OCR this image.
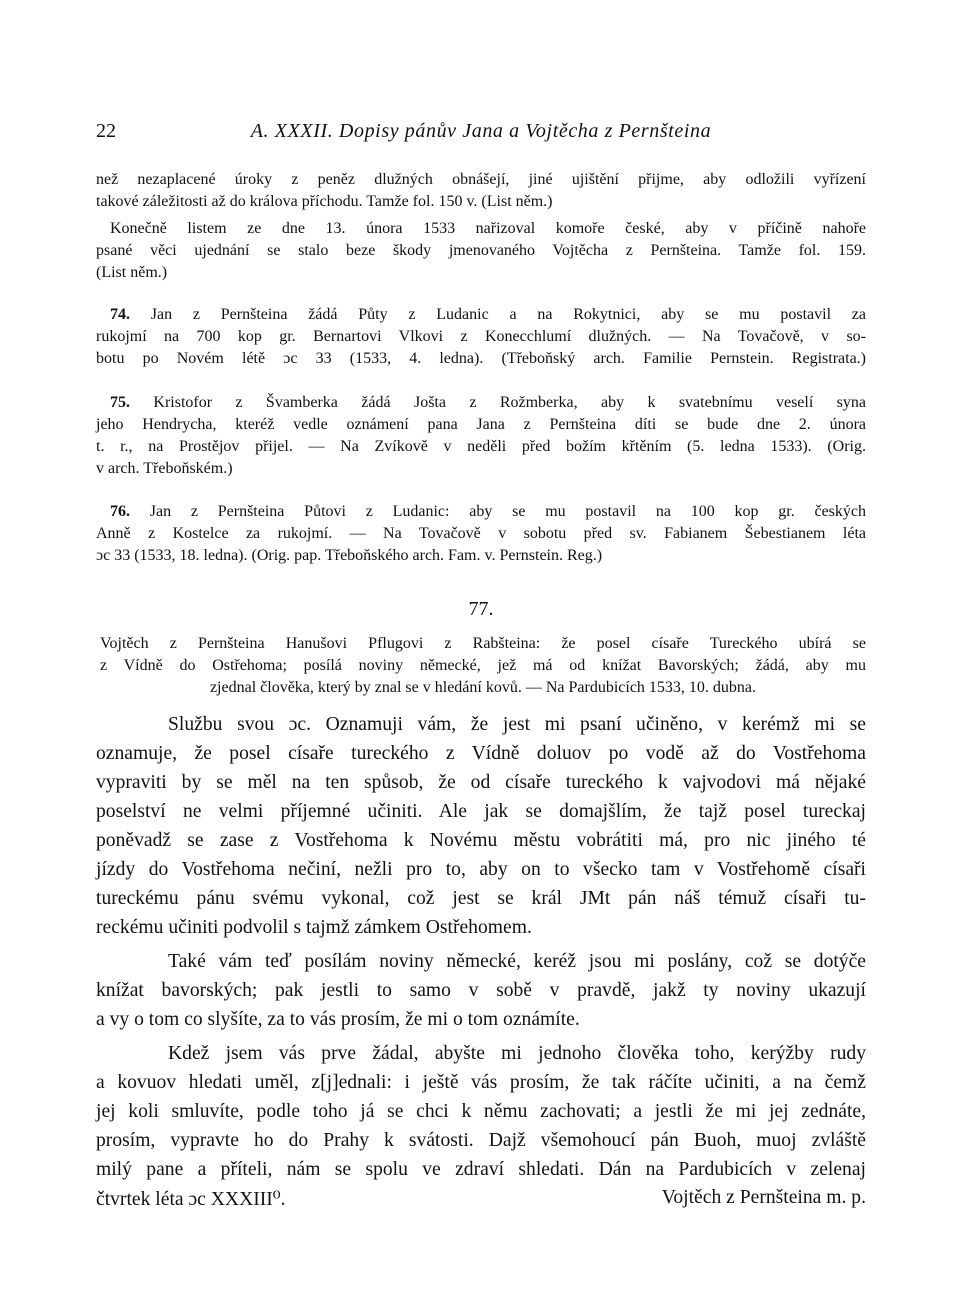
22	A. XXXII. Dopisy pánův Jana a Vojtěcha z Pernšteina
než nezaplacené úroky z peněz dlužných obnášejí, jiné ujištění přijme, aby odložili vyřízení
takové záležitosti až do králova příchodu. Tamže fol. 150 v. (List něm.)
Konečně listem ze dne 13. února 1533 nařizoval komoře české, aby v příčině nahoře
psané věci ujednání se stalo beze škody jmenovaného Vojtěcha z Pernšteina. Tamže fol. 159.
(List něm.)
74. Jan z Pernšteina žádá Půty z Ludanic a na Rokytnici, aby se mu postavil za
rukojmí na 700 kop gr. Bernartovi Vlkovi z Konecchlumí dlužných. — Na Tovačově, v so-
botu po Novém létě ɔc 33 (1533, 4. ledna). (Třeboňský arch. Familie Pernstein. Registrata.)
75. Kristofor z Švamberka žádá Jošta z Rožmberka, aby k svatebnímu veselí syna
jeho Hendrycha, kteréž vedle oznámení pana Jana z Pernšteina díti se bude dne 2. února
t. r., na Prostějov přijel. — Na Zvíkově v neděli před božím křtěním (5. ledna 1533). (Orig.
v arch. Třeboňském.)
76. Jan z Pernšteina Půtovi z Ludanic: aby se mu postavil na 100 kop gr. českých
Anně z Kostelce za rukojmí. — Na Tovačově v sobotu před sv. Fabianem Šebestianem léta
ɔc 33 (1533, 18. ledna). (Orig. pap. Třeboňského arch. Fam. v. Pernstein. Reg.)
77.
Vojtěch z Pernšteina Hanušovi Pflugovi z Rabšteina: že posel císaře Tureckého ubírá se
z Vídně do Ostřehoma; posílá noviny německé, jež má od knížat Bavorských; žádá, aby mu
zjednal člověka, který by znal se v hledání kovů. — Na Pardubicích 1533, 10. dubna.
Službu svou ɔc. Oznamuji vám, že jest mi psaní učiněno, v kerémž mi se
oznamuje, že posel císaře tureckého z Vídně doluov po vodě až do Vostřehoma
vypraviti by se měl na ten spůsob, že od císaře tureckého k vajvodovi má nějaké
poselství ne velmi příjemné učiniti. Ale jak se domajšlím, že tajž posel tureckaj
poněvadž se zase z Vostřehoma k Novému městu vobrátiti má, pro nic jiného té
jízdy do Vostřehoma nečiní, nežli pro to, aby on to všecko tam v Vostřehomě císaři
tureckému pánu svému vykonal, což jest se král JMt pán náš témuž císaři tu-
reckému učiniti podvolil s tajmž zámkem Ostřehomem.
Také vám teď posílám noviny německé, keréž jsou mi poslány, což se dotýče
knížat bavorských; pak jestli to samo v sobě v pravdě, jakž ty noviny ukazují
a vy o tom co slyšíte, za to vás prosím, že mi o tom oznámíte.
Kdež jsem vás prve žádal, abyšte mi jednoho člověka toho, kerýžby rudy
a kovuov hledati uměl, z[j]ednali: i ještě vás prosím, že tak ráčíte učiniti, a na čemž
jej koli smluvíte, podle toho já se chci k němu zachovati; a jestli že mi jej zednáte,
prosím, vypravte ho do Prahy k svátosti. Dajž všemohoucí pán Buoh, muoj zvláště
milý pane a příteli, nám se spolu ve zdraví shledati. Dán na Pardubicích v zelenaj
čtvrtek léta ɔc XXXIII⁰.	Vojtěch z Pernšteina m. p.
